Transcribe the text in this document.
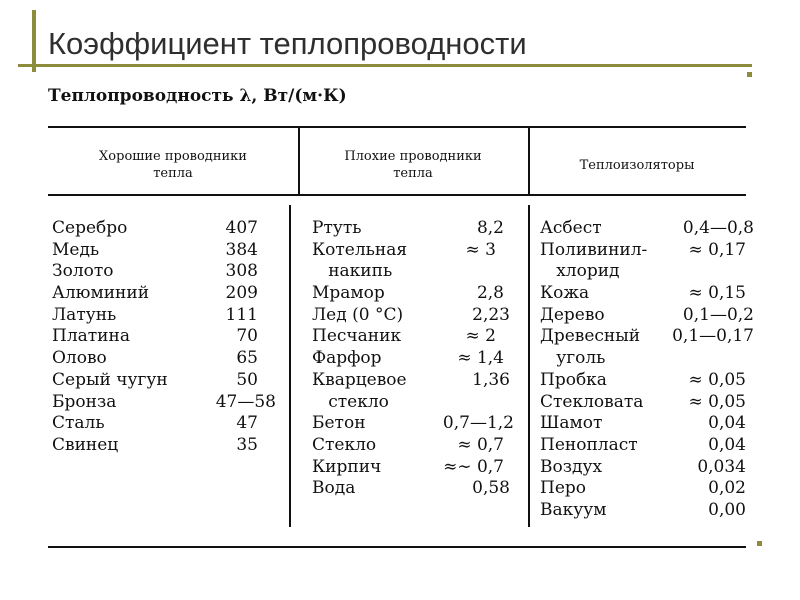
Коэффициент теплопроводности

Теплопроводность λ, Вт/(м·К)

Хорошие проводники
тепла
Плохие проводники
тепла
Теплоизоляторы
Серебро	407
Медь	384
Золото	308
Алюминий	209
Латунь	111
Платина	70
Олово	65
Серый чугун	50
Бронза	47—58
Сталь	47
Свинец	35
Ртуть	8,2
Котельная	≈ 3
накипь
Мрамор	2,8
Лед (0 °С)	2,23
Песчаник	≈ 2
Фарфор	≈ 1,4
Кварцевое	1,36
стекло
Бетон	0,7—1,2
Стекло	≈ 0,7
Кирпич	≈∼ 0,7
Вода	0,58
Асбест	0,4—0,8
Поливинил- ≈ 0,17
хлорид
Кожа	≈ 0,15
Дерево	0,1—0,2
Древесный 0,1—0,17
уголь
Пробка	≈ 0,05
Стекловата	≈ 0,05
Шамот	0,04
Пенопласт	0,04
Воздух	0,034
Перо	0,02
Вакуум	0,00
